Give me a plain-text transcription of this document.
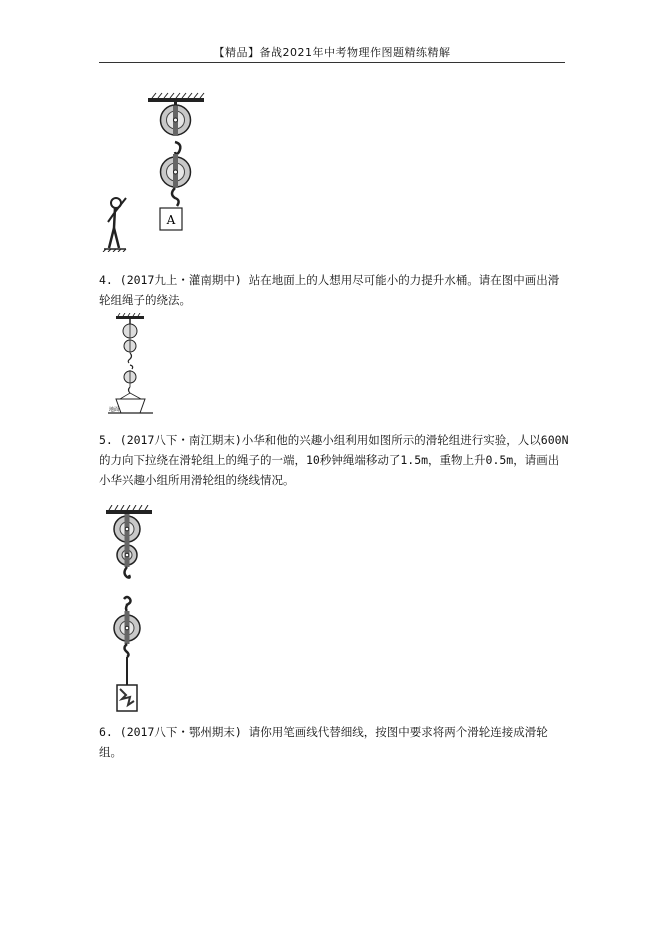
【精品】备战2021年中考物理作图题精练精解
A

4. (2017九上・灌南期中) 站在地面上的人想用尽可能小的力提升水桶。请在图中画出滑

轮组绳子的绕法。

地面

5. (2017八下・南江期末)小华和他的兴趣小组利用如图所示的滑轮组进行实验，人以600N

的力向下拉绕在滑轮组上的绳子的一端，10秒钟绳端移动了1.5m，重物上升0.5m，请画出

小华兴趣小组所用滑轮组的绕线情况。

6. (2017八下・鄂州期末) 请你用笔画线代替细线，按图中要求将两个滑轮连接成滑轮组。
